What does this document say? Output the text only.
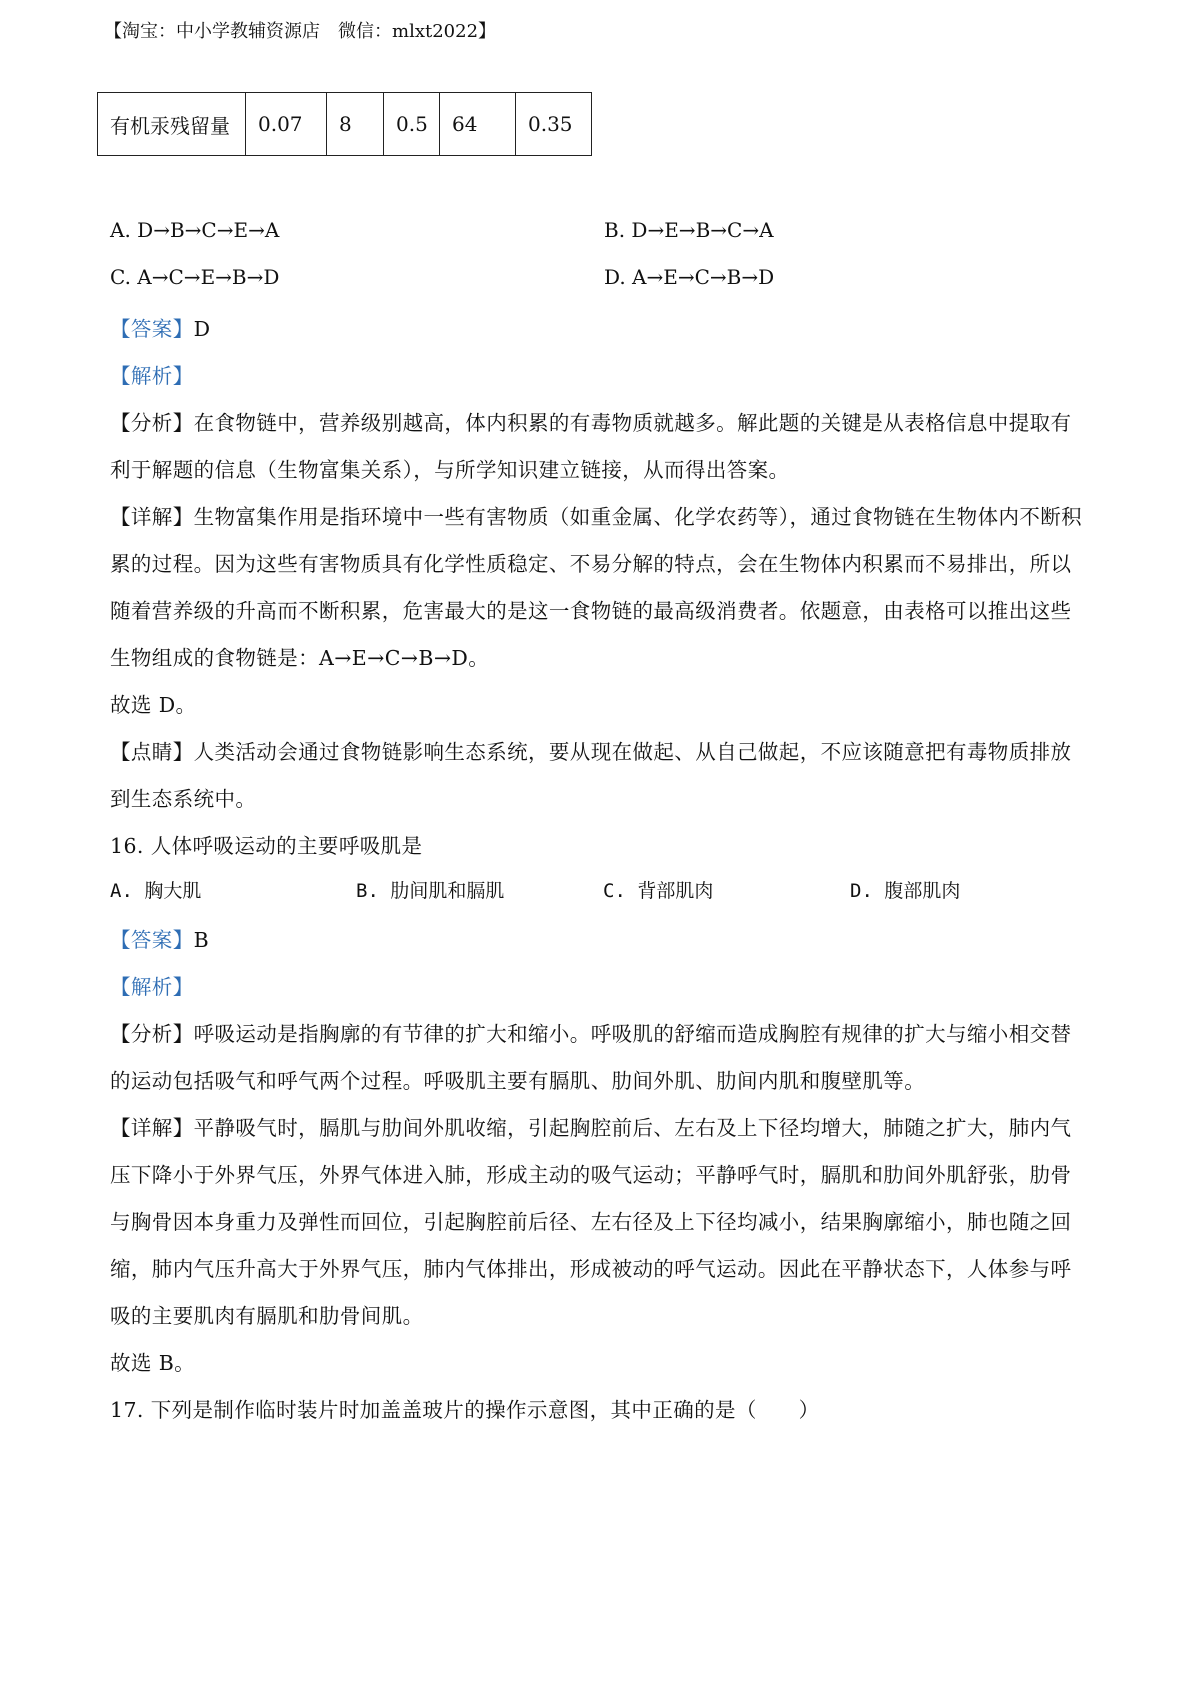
【淘宝：中小学教辅资源店　微信：mlxt2022】
有机汞残留量	0.07	8	0.5	64	0.35
A. D→B→C→E→A	B. D→E→B→C→A
C. A→C→E→B→D	D. A→E→C→B→D
【答案】D
【解析】
【分析】在食物链中，营养级别越高，体内积累的有毒物质就越多。解此题的关键是从表格信息中提取有
利于解题的信息（生物富集关系），与所学知识建立链接，从而得出答案。
【详解】生物富集作用是指环境中一些有害物质（如重金属、化学农药等），通过食物链在生物体内不断积
累的过程。因为这些有害物质具有化学性质稳定、不易分解的特点，会在生物体内积累而不易排出，所以
随着营养级的升高而不断积累，危害最大的是这一食物链的最高级消费者。依题意，由表格可以推出这些
生物组成的食物链是：A→E→C→B→D。
故选 D。
【点睛】人类活动会通过食物链影响生态系统，要从现在做起、从自己做起，不应该随意把有毒物质排放
到生态系统中。
16. 人体呼吸运动的主要呼吸肌是
A. 胸大肌	B. 肋间肌和膈肌	C. 背部肌肉	D. 腹部肌肉
【答案】B
【解析】
【分析】呼吸运动是指胸廓的有节律的扩大和缩小。呼吸肌的舒缩而造成胸腔有规律的扩大与缩小相交替
的运动包括吸气和呼气两个过程。呼吸肌主要有膈肌、肋间外肌、肋间内肌和腹壁肌等。
【详解】平静吸气时，膈肌与肋间外肌收缩，引起胸腔前后、左右及上下径均增大，肺随之扩大，肺内气
压下降小于外界气压，外界气体进入肺，形成主动的吸气运动；平静呼气时，膈肌和肋间外肌舒张，肋骨
与胸骨因本身重力及弹性而回位，引起胸腔前后径、左右径及上下径均减小，结果胸廓缩小，肺也随之回
缩，肺内气压升高大于外界气压，肺内气体排出，形成被动的呼气运动。因此在平静状态下，人体参与呼
吸的主要肌肉有膈肌和肋骨间肌。
故选 B。
17. 下列是制作临时装片时加盖盖玻片的操作示意图，其中正确的是（　　）
